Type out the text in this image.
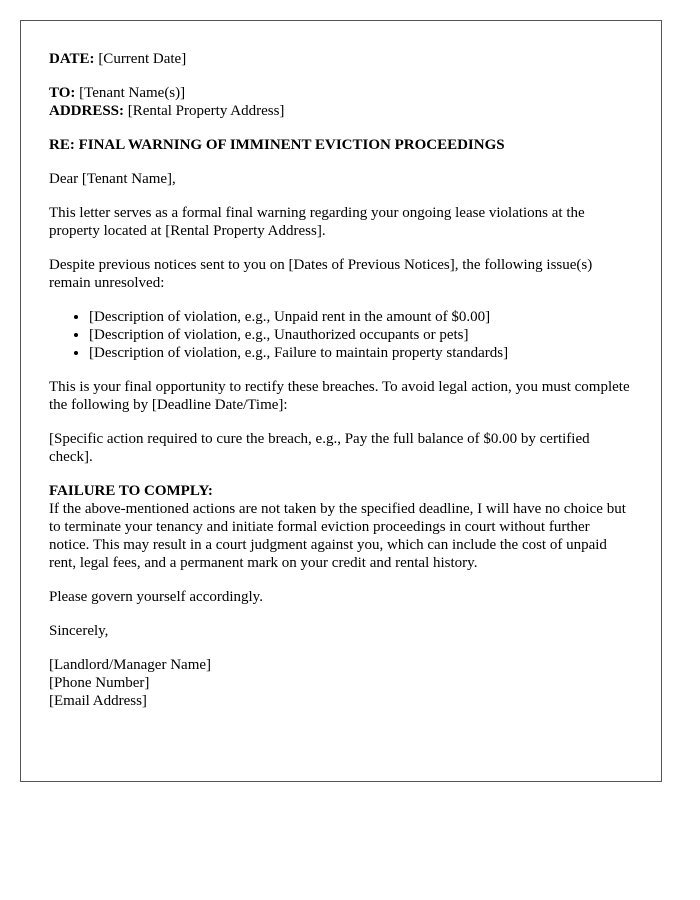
DATE: [Current Date]

TO: [Tenant Name(s)]

ADDRESS: [Rental Property Address]

RE: FINAL WARNING OF IMMINENT EVICTION PROCEEDINGS

Dear [Tenant Name],

This letter serves as a formal final warning regarding your ongoing lease violations at the property located at [Rental Property Address].

Despite previous notices sent to you on [Dates of Previous Notices], the following issue(s) remain unresolved:

• [Description of violation, e.g., Unpaid rent in the amount of $0.00]
• [Description of violation, e.g., Unauthorized occupants or pets]
• [Description of violation, e.g., Failure to maintain property standards]

This is your final opportunity to rectify these breaches. To avoid legal action, you must complete the following by [Deadline Date/Time]:

[Specific action required to cure the breach, e.g., Pay the full balance of $0.00 by certified check].

FAILURE TO COMPLY:
If the above-mentioned actions are not taken by the specified deadline, I will have no choice but to terminate your tenancy and initiate formal eviction proceedings in court without further notice. This may result in a court judgment against you, which can include the cost of unpaid rent, legal fees, and a permanent mark on your credit and rental history.

Please govern yourself accordingly.

Sincerely,

[Landlord/Manager Name]

[Phone Number]

[Email Address]
